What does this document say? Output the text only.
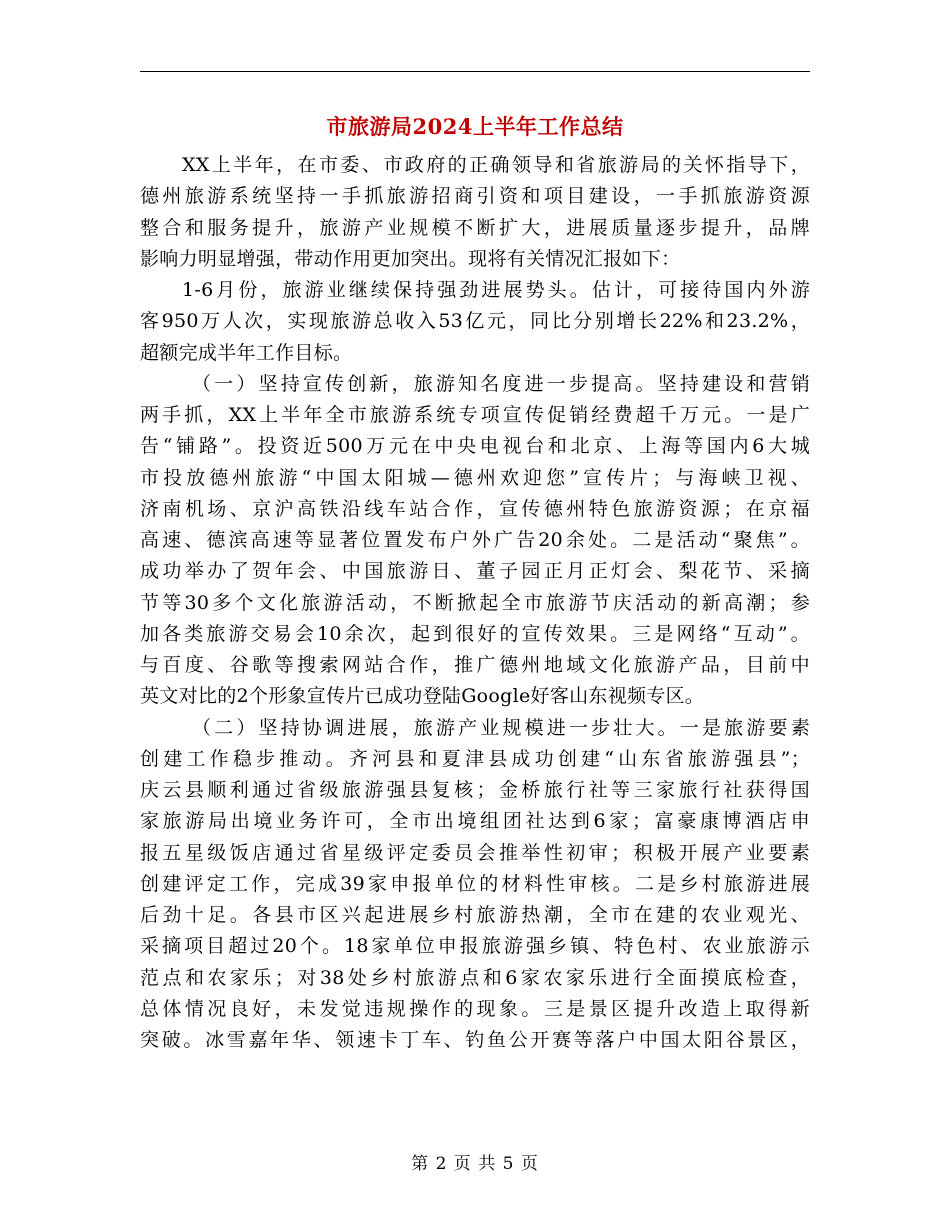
市旅游局2024上半年工作总结
XX上半年，在市委、市政府的正确领导和省旅游局的关怀指导下，
德州旅游系统坚持一手抓旅游招商引资和项目建设，一手抓旅游资源
整合和服务提升，旅游产业规模不断扩大，进展质量逐步提升，品牌
影响力明显增强，带动作用更加突出。现将有关情况汇报如下：
1-6月份，旅游业继续保持强劲进展势头。估计，可接待国内外游
客950万人次，实现旅游总收入53亿元，同比分别增长22%和23.2%，
超额完成半年工作目标。
（一）坚持宣传创新，旅游知名度进一步提高。坚持建设和营销
两手抓，XX上半年全市旅游系统专项宣传促销经费超千万元。一是广
告“铺路”。投资近500万元在中央电视台和北京、上海等国内6大城
市投放德州旅游“中国太阳城—德州欢迎您”宣传片；与海峡卫视、
济南机场、京沪高铁沿线车站合作，宣传德州特色旅游资源；在京福
高速、德滨高速等显著位置发布户外广告20余处。二是活动“聚焦”。
成功举办了贺年会、中国旅游日、董子园正月正灯会、梨花节、采摘
节等30多个文化旅游活动，不断掀起全市旅游节庆活动的新高潮；参
加各类旅游交易会10余次，起到很好的宣传效果。三是网络“互动”。
与百度、谷歌等搜索网站合作，推广德州地域文化旅游产品，目前中
英文对比的2个形象宣传片已成功登陆Google好客山东视频专区。
（二）坚持协调进展，旅游产业规模进一步壮大。一是旅游要素
创建工作稳步推动。齐河县和夏津县成功创建“山东省旅游强县”；
庆云县顺利通过省级旅游强县复核；金桥旅行社等三家旅行社获得国
家旅游局出境业务许可，全市出境组团社达到6家；富豪康博酒店申
报五星级饭店通过省星级评定委员会推举性初审；积极开展产业要素
创建评定工作，完成39家申报单位的材料性审核。二是乡村旅游进展
后劲十足。各县市区兴起进展乡村旅游热潮，全市在建的农业观光、
采摘项目超过20个。18家单位申报旅游强乡镇、特色村、农业旅游示
范点和农家乐；对38处乡村旅游点和6家农家乐进行全面摸底检查，
总体情况良好，未发觉违规操作的现象。三是景区提升改造上取得新
突破。冰雪嘉年华、领速卡丁车、钓鱼公开赛等落户中国太阳谷景区，
第 2 页 共 5 页
